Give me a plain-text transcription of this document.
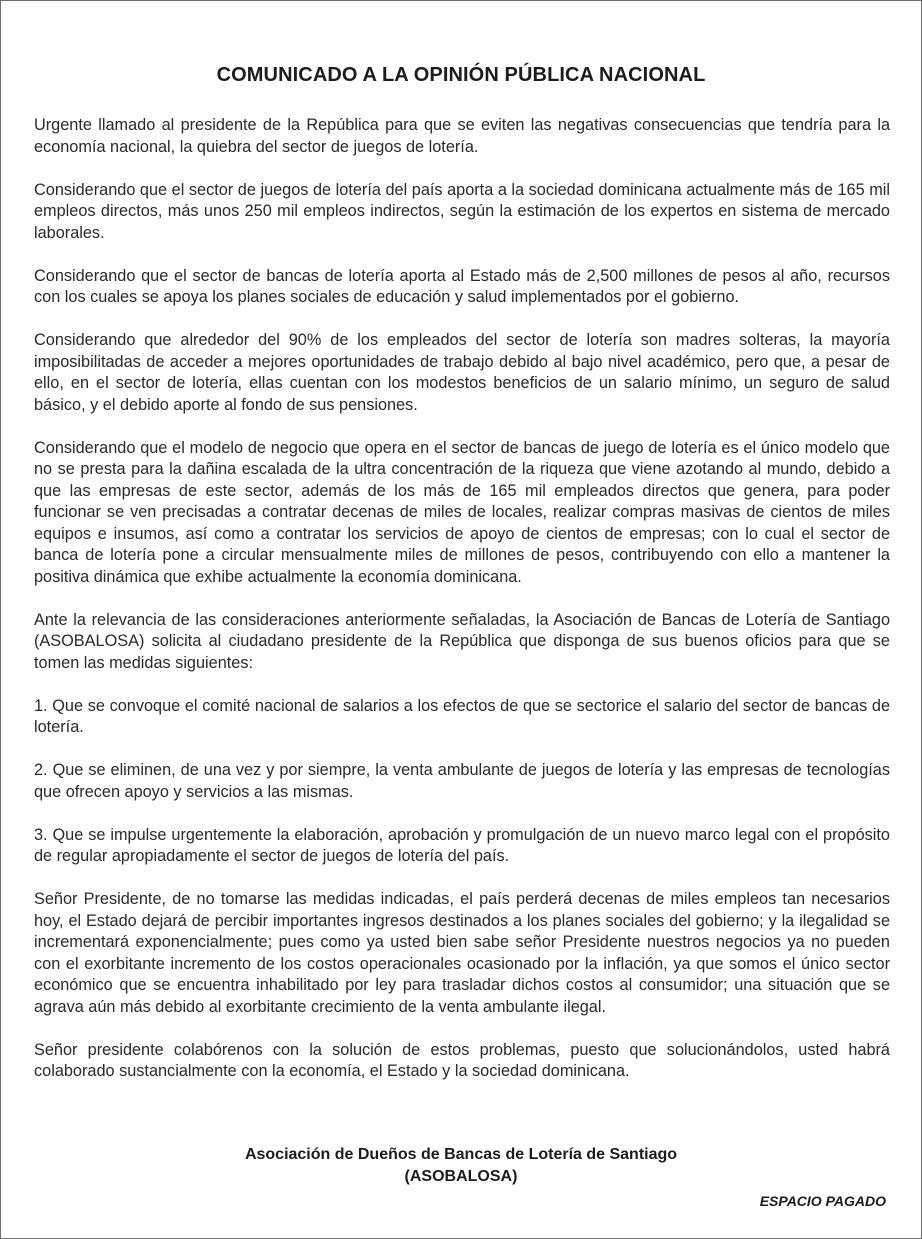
COMUNICADO A LA OPINIÓN PÚBLICA NACIONAL

Urgente llamado al presidente de la República para que se eviten las negativas consecuencias que tendría para la economía nacional, la quiebra del sector de juegos de lotería.

Considerando que el sector de juegos de lotería del país aporta a la sociedad dominicana actualmente más de 165 mil empleos directos, más unos 250 mil empleos indirectos, según la estimación de los expertos en sistema de mercado laborales.

Considerando que el sector de bancas de lotería aporta al Estado más de 2,500 millones de pesos al año, recursos con los cuales se apoya los planes sociales de educación y salud implementados por el gobierno.

Considerando que alrededor del 90% de los empleados del sector de lotería son madres solteras, la mayoría imposibilitadas de acceder a mejores oportunidades de trabajo debido al bajo nivel académico, pero que, a pesar de ello, en el sector de lotería, ellas cuentan con los modestos beneficios de un salario mínimo, un seguro de salud básico, y el debido aporte al fondo de sus pensiones.

Considerando que el modelo de negocio que opera en el sector de bancas de juego de lotería es el único modelo que no se presta para la dañina escalada de la ultra concentración de la riqueza que viene azotando al mundo, debido a que las empresas de este sector, además de los más de 165 mil empleados directos que genera, para poder funcionar se ven precisadas a contratar decenas de miles de locales, realizar compras masivas de cientos de miles equipos e insumos, así como a contratar los servicios de apoyo de cientos de empresas; con lo cual el sector de banca de lotería pone a circular mensualmente miles de millones de pesos, contribuyendo con ello a mantener la positiva dinámica que exhibe actualmente la economía dominicana.

Ante la relevancia de las consideraciones anteriormente señaladas, la Asociación de Bancas de Lotería de Santiago (ASOBALOSA) solicita al ciudadano presidente de la República que disponga de sus buenos oficios para que se tomen las medidas siguientes:

1. Que se convoque el comité nacional de salarios a los efectos de que se sectorice el salario del sector de bancas de lotería.

2. Que se eliminen, de una vez y por siempre, la venta ambulante de juegos de lotería y las empresas de tecnologías que ofrecen apoyo y servicios a las mismas.

3. Que se impulse urgentemente la elaboración, aprobación y promulgación de un nuevo marco legal con el propósito de regular apropiadamente el sector de juegos de lotería del país.

Señor Presidente, de no tomarse las medidas indicadas, el país perderá decenas de miles empleos tan necesarios hoy, el Estado dejará de percibir importantes ingresos destinados a los planes sociales del gobierno; y la ilegalidad se incrementará exponencialmente; pues como ya usted bien sabe señor Presidente nuestros negocios ya no pueden con el exorbitante incremento de los costos operacionales ocasionado por la inflación, ya que somos el único sector económico que se encuentra inhabilitado por ley para trasladar dichos costos al consumidor; una situación que se agrava aún más debido al exorbitante crecimiento de la venta ambulante ilegal.

Señor presidente colabórenos con la solución de estos problemas, puesto que solucionándolos, usted habrá colaborado sustancialmente con la economía, el Estado y la sociedad dominicana.

Asociación de Dueños de Bancas de Lotería de Santiago
(ASOBALOSA)
ESPACIO PAGADO
